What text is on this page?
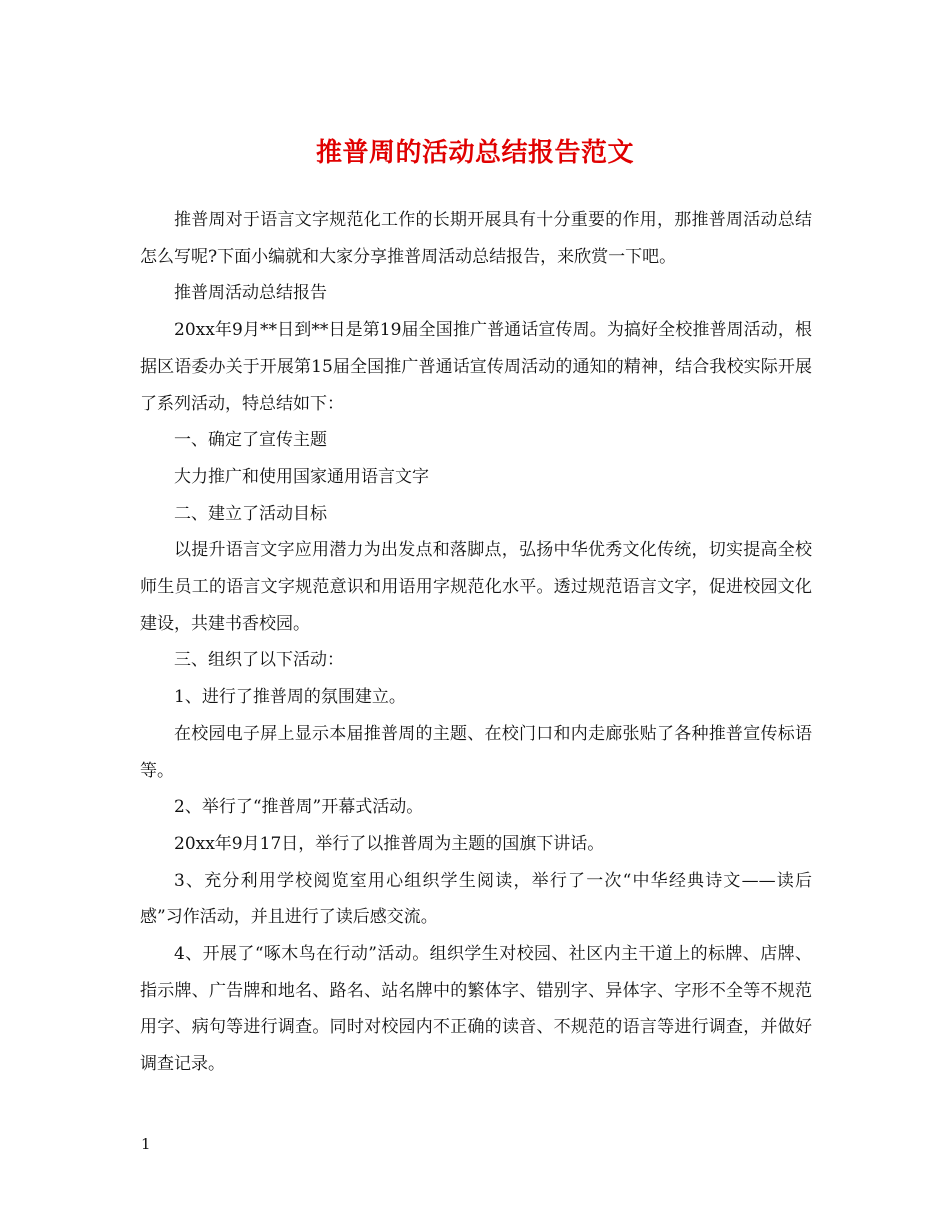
推普周的活动总结报告范文

推普周对于语言文字规范化工作的长期开展具有十分重要的作用，那推普周活动总结怎么写呢?下面小编就和大家分享推普周活动总结报告，来欣赏一下吧。

推普周活动总结报告

20xx年9月**日到**日是第19届全国推广普通话宣传周。为搞好全校推普周活动，根据区语委办关于开展第15届全国推广普通话宣传周活动的通知的精神，结合我校实际开展了系列活动，特总结如下：

一、确定了宣传主题

大力推广和使用国家通用语言文字

二、建立了活动目标

以提升语言文字应用潜力为出发点和落脚点，弘扬中华优秀文化传统，切实提高全校师生员工的语言文字规范意识和用语用字规范化水平。透过规范语言文字，促进校园文化建设，共建书香校园。

三、组织了以下活动：

1、进行了推普周的氛围建立。

在校园电子屏上显示本届推普周的主题、在校门口和内走廊张贴了各种推普宣传标语等。

2、举行了“推普周”开幕式活动。

20xx年9月17日，举行了以推普周为主题的国旗下讲话。

3、充分利用学校阅览室用心组织学生阅读，举行了一次“中华经典诗文——读后感”习作活动，并且进行了读后感交流。

4、开展了“啄木鸟在行动”活动。组织学生对校园、社区内主干道上的标牌、店牌、指示牌、广告牌和地名、路名、站名牌中的繁体字、错别字、异体字、字形不全等不规范用字、病句等进行调查。同时对校园内不正确的读音、不规范的语言等进行调查，并做好调查记录。

1
